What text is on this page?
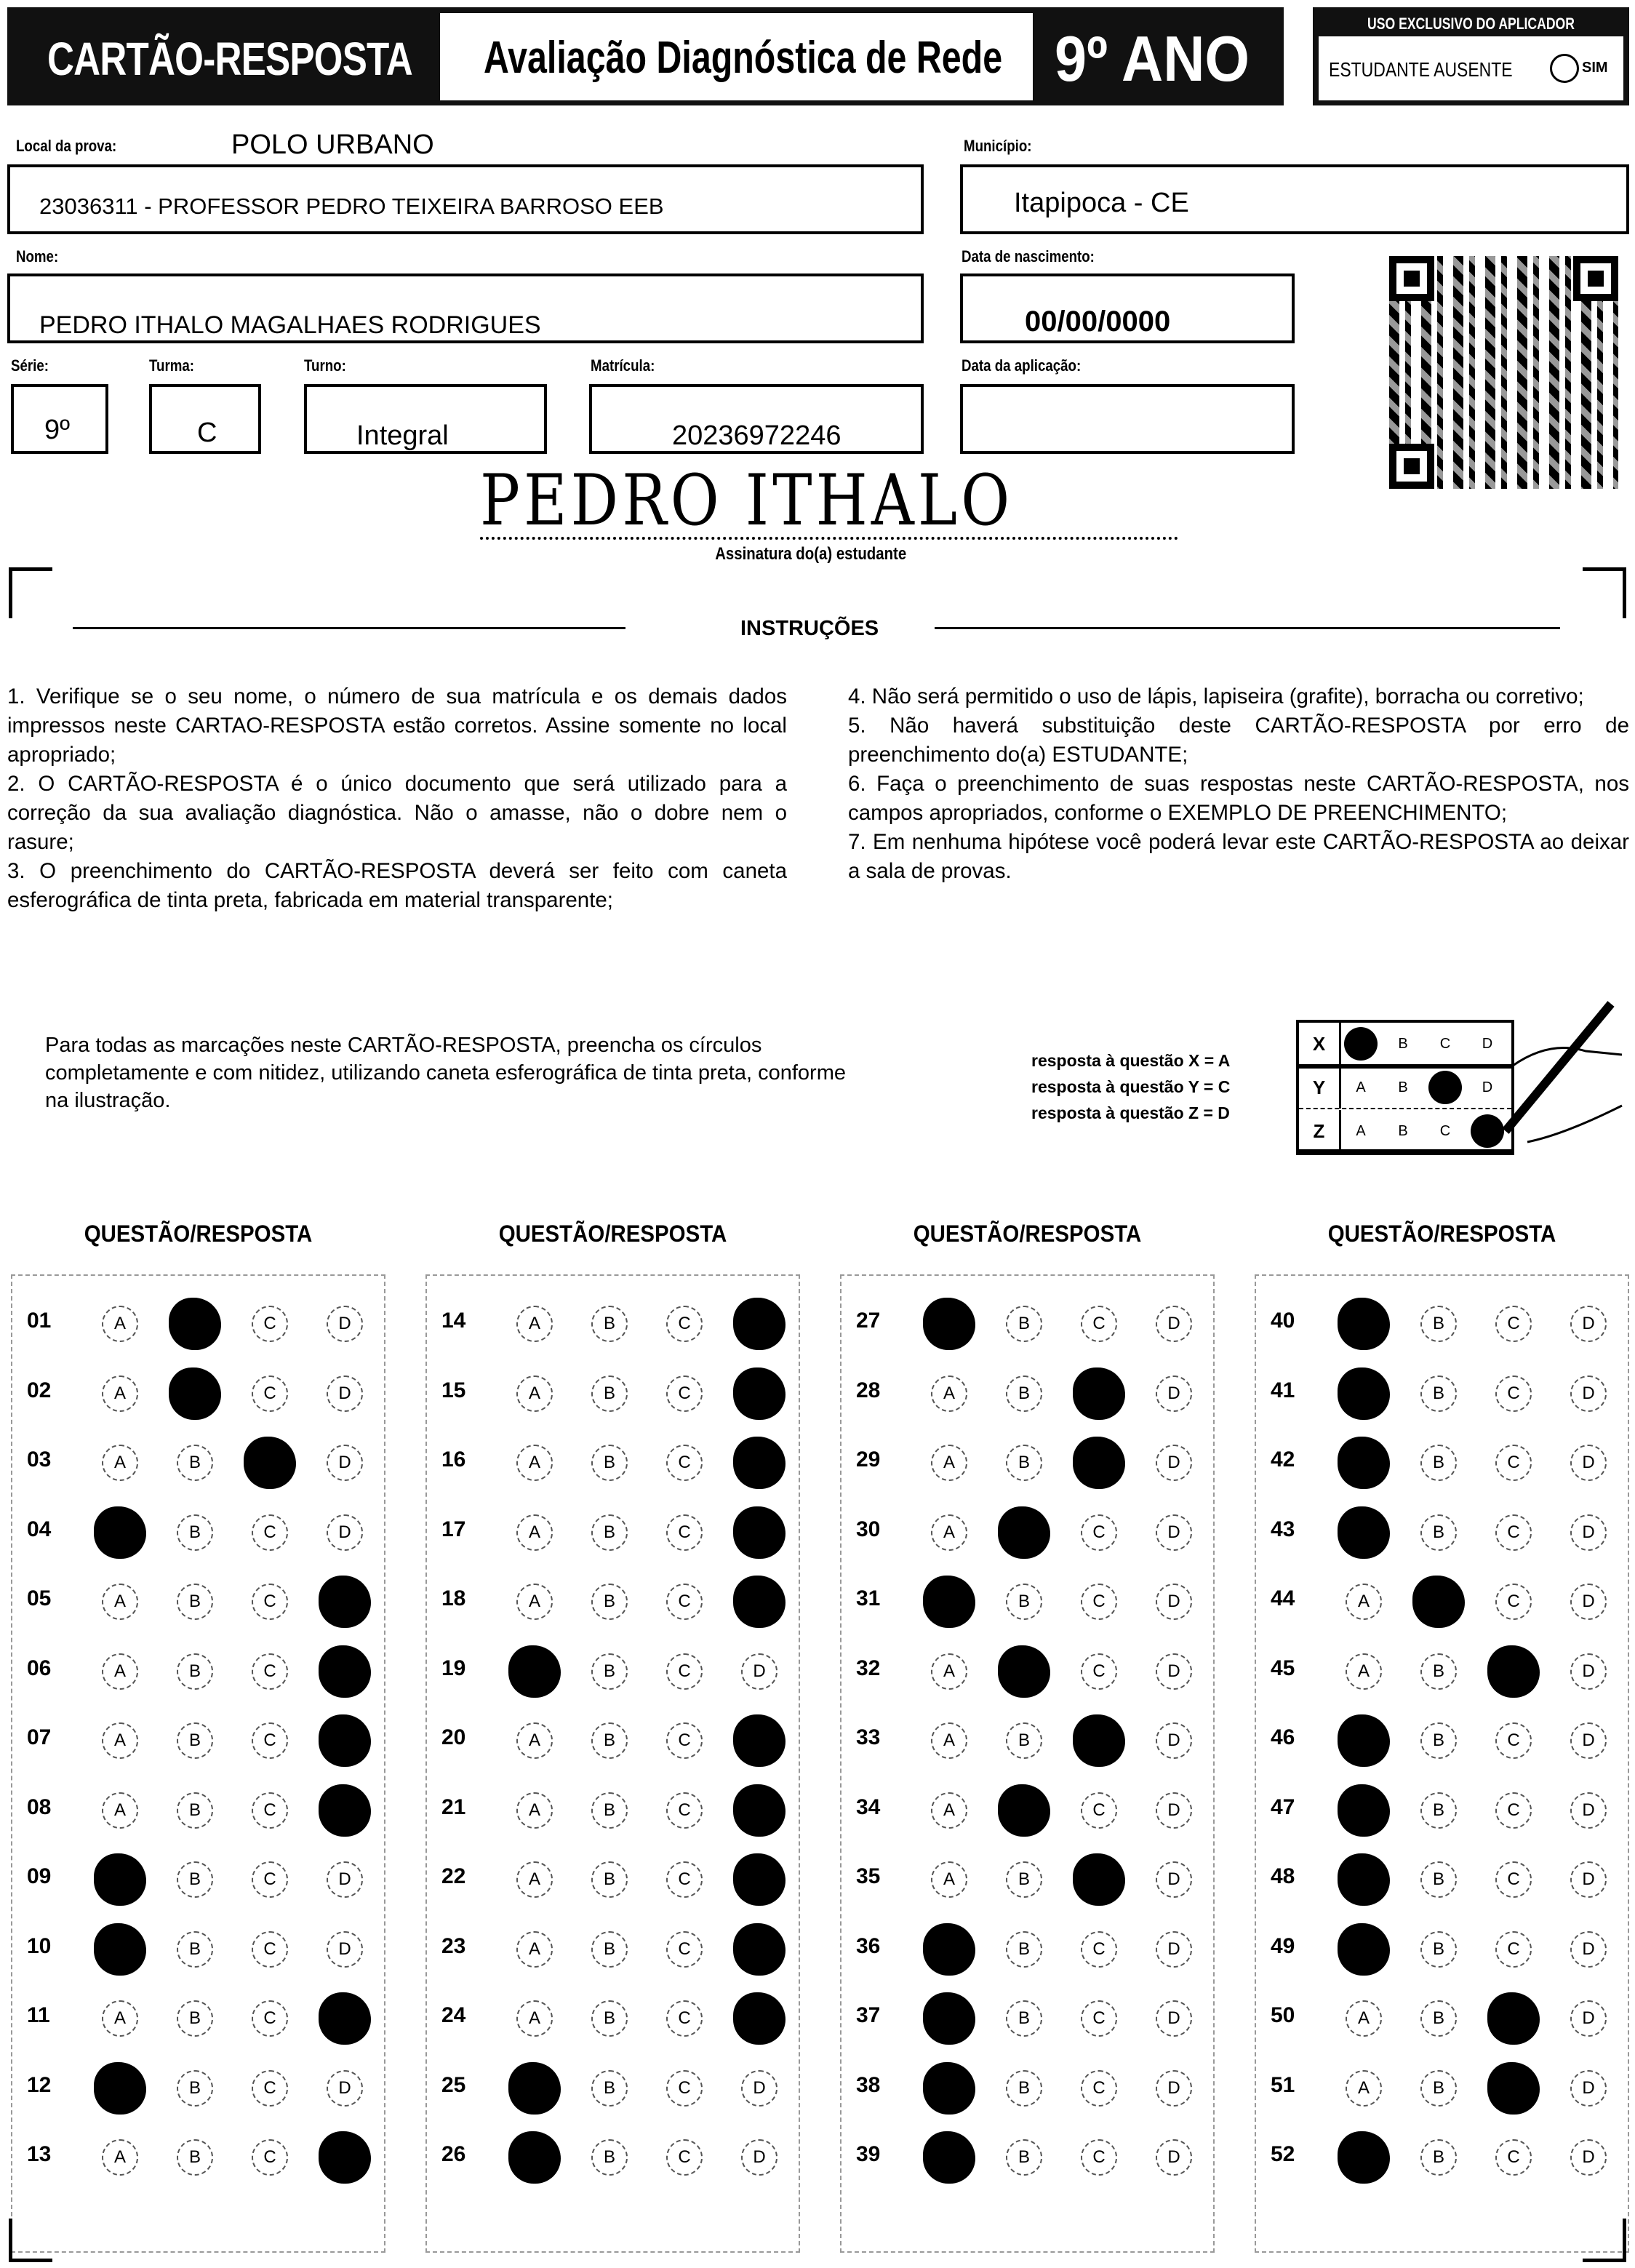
CARTÃO-RESPOSTA Avaliação Diagnóstica de Rede 9º ANO	USO EXCLUSIVO DO APLICADOR
ESTUDANTE AUSENTE	SIM
Local da prova:	POLO URBANO	Município:
23036311 - PROFESSOR PEDRO TEIXEIRA BARROSO EEB	Itapipoca - CE
Nome:	Data de nascimento:
PEDRO ITHALO MAGALHAES RODRIGUES	00/00/0000
Série:	Turma:	Turno:	Matrícula:	Data da aplicação:
9º	C	Integral	20236972246
PEDRO ITHALO
Assinatura do(a) estudante
INSTRUÇÕES

1. Verifique se o seu nome, o número de sua matrícula e os demais dados impressos neste CARTAO-RESPOSTA estão corretos. Assine somente no local apropriado;

2. O CARTÃO-RESPOSTA é o único documento que será utilizado para a correção da sua avaliação diagnóstica. Não o amasse, não o dobre nem o rasure;

3. O preenchimento do CARTÃO-RESPOSTA deverá ser feito com caneta esferográfica de tinta preta, fabricada em material transparente;

4. Não será permitido o uso de lápis, lapiseira (grafite), borracha ou corretivo;

5. Não haverá substituição deste CARTÃO-RESPOSTA por erro de preenchimento do(a) ESTUDANTE;

6. Faça o preenchimento de suas respostas neste CARTÃO-RESPOSTA, nos campos apropriados, conforme o EXEMPLO DE PREENCHIMENTO;

7. Em nenhuma hipótese você poderá levar este CARTÃO-RESPOSTA ao deixar a sala de provas.

Para todas as marcações neste CARTÃO-RESPOSTA, preencha os círculos completamente e com nitidez, utilizando caneta esferográfica de tinta preta, conforme na ilustração.
resposta à questão X = A
resposta à questão Y = C
resposta à questão Z = D
X	B	C	D
Y	A	B	D
Z	A	B	C
QUESTÃO/RESPOSTA
01	A	C	D
02	A	C	D
03	A	B	D
04	B	C	D
05	A	B	C
06	A	B	C
07	A	B	C
08	A	B	C
09	B	C	D
10	B	C	D
11	A	B	C
12	B	C	D
13	A	B	C
QUESTÃO/RESPOSTA
14	A	B	C
15	A	B	C
16	A	B	C
17	A	B	C
18	A	B	C
19	B	C	D
20	A	B	C
21	A	B	C
22	A	B	C
23	A	B	C
24	A	B	C
25	B	C	D
26	B	C	D
QUESTÃO/RESPOSTA
27	B	C	D
28	A	B	D
29	A	B	D
30	A	C	D
31	B	C	D
32	A	C	D
33	A	B	D
34	A	C	D
35	A	B	D
36	B	C	D
37	B	C	D
38	B	C	D
39	B	C	D
QUESTÃO/RESPOSTA
40	B	C	D
41	B	C	D
42	B	C	D
43	B	C	D
44	A	C	D
45	A	B	D
46	B	C	D
47	B	C	D
48	B	C	D
49	B	C	D
50	A	B	D
51	A	B	D
52	B	C	D
